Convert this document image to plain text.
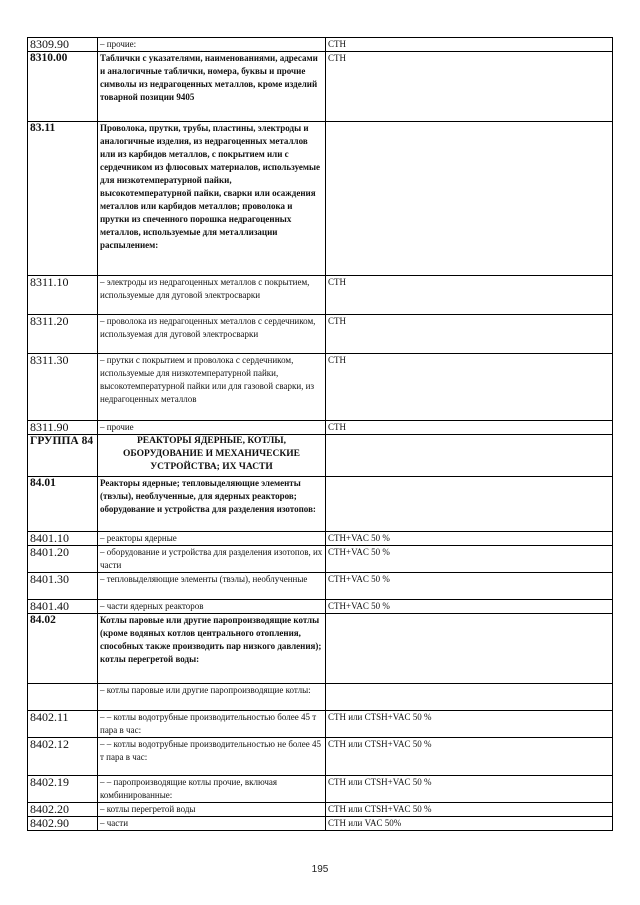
8309.90	– прочие:	CTH
8310.00	Таблички с указателями, наименованиями, адресами и аналогичные таблички, номера, буквы и прочие символы из недрагоценных металлов, кроме изделий товарной позиции 9405	CTH
83.11	Проволока, прутки, трубы, пластины, электроды и аналогичные изделия, из недрагоценных металлов или из карбидов металлов, с покрытием или с сердечником из флюсовых материалов, используемые для низкотемпературной пайки, высокотемпературной пайки, сварки или осаждения металлов или карбидов металлов; проволока и прутки из спеченного порошка недрагоценных металлов, используемые для металлизации распылением:	
8311.10	– электроды из недрагоценных металлов с покрытием, используемые для дуговой электросварки	CTH
8311.20	– проволока из недрагоценных металлов с сердечником, используемая для дуговой электросварки	CTH
8311.30	– прутки с покрытием и проволока с сердечником, используемые для низкотемпературной пайки, высокотемпературной пайки или для газовой сварки, из недрагоценных металлов	CTH
8311.90	– прочие	CTH
ГРУППА 84	РЕАКТОРЫ ЯДЕРНЫЕ, КОТЛЫ, ОБОРУДОВАНИЕ И МЕХАНИЧЕСКИЕ УСТРОЙСТВА; ИХ ЧАСТИ	
84.01	Реакторы ядерные; тепловыделяющие элементы (твэлы), необлученные, для ядерных реакторов; оборудование и устройства для разделения изотопов:	
8401.10	– реакторы ядерные	CTH+VAC 50 %
8401.20	– оборудование и устройства для разделения изотопов, их части	CTH+VAC 50 %
8401.30	– тепловыделяющие элементы (твэлы), необлученные	CTH+VAC 50 %
8401.40	– части ядерных реакторов	CTH+VAC 50 %
84.02	Котлы паровые или другие паропроизводящие котлы (кроме водяных котлов центрального отопления, способных также производить пар низкого давления); котлы перегретой воды:	
	– котлы паровые или другие паропроизводящие котлы:	
8402.11	– – котлы водотрубные производительностью более 45 т пара в час:	CTH или CTSH+VAC 50 %
8402.12	– – котлы водотрубные производительностью не более 45 т пара в час:	CTH или CTSH+VAC 50 %
8402.19	– – паропроизводящие котлы прочие, включая комбинированные:	CTH или CTSH+VAC 50 %
8402.20	– котлы перегретой воды	CTH или CTSH+VAC 50 %
8402.90	– части	CTH или VAC 50%
195
